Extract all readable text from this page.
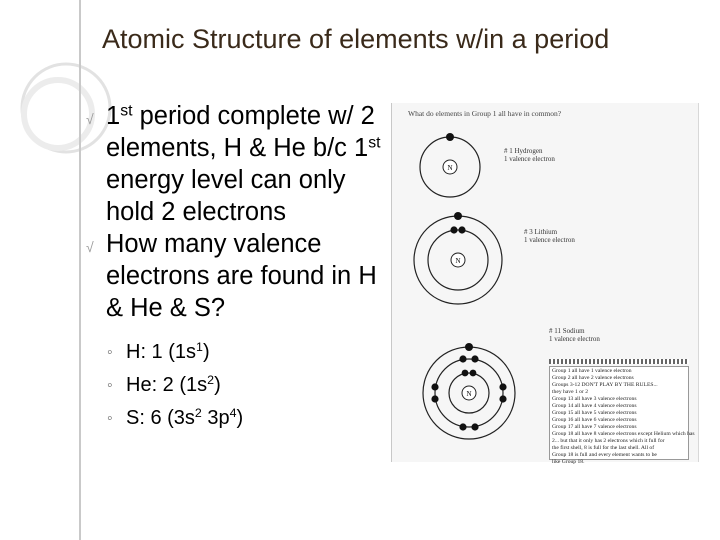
Atomic Structure of elements w/in a period

√ 1st period complete w/ 2 elements, H & He b/c 1st energy level can only hold 2 electrons

√ How many valence electrons are found in H & He & S?

◦ H: 1 $(1s^1)$

◦ He: 2 $(1s^2)$

◦ S: 6 ($3s^2$ $3p^4$)

What do elements in Group 1 all have in common?
N
N
N
# 1 Hydrogen
1 valence electron
# 3 Lithium
1 valence electron
# 11 Sodium
1 valence electron
Group 1 all have 1 valence electron
Group 2 all have 2 valence electrons
Groups 3-12 DON'T PLAY BY THE RULES...
they have 1 or 2
Group 13 all have 3 valence electrons
Group 14 all have 4 valence electrons
Group 15 all have 5 valence electrons
Group 16 all have 6 valence electrons
Group 17 all have 7 valence electrons
Group 18 all have 8 valence electrons except Helium which has
2... but that it only has 2 electrons which it full for
the first shell, 8 is full for the last shell. All of
Group 18 is full and every element wants to be
like Group 18.
